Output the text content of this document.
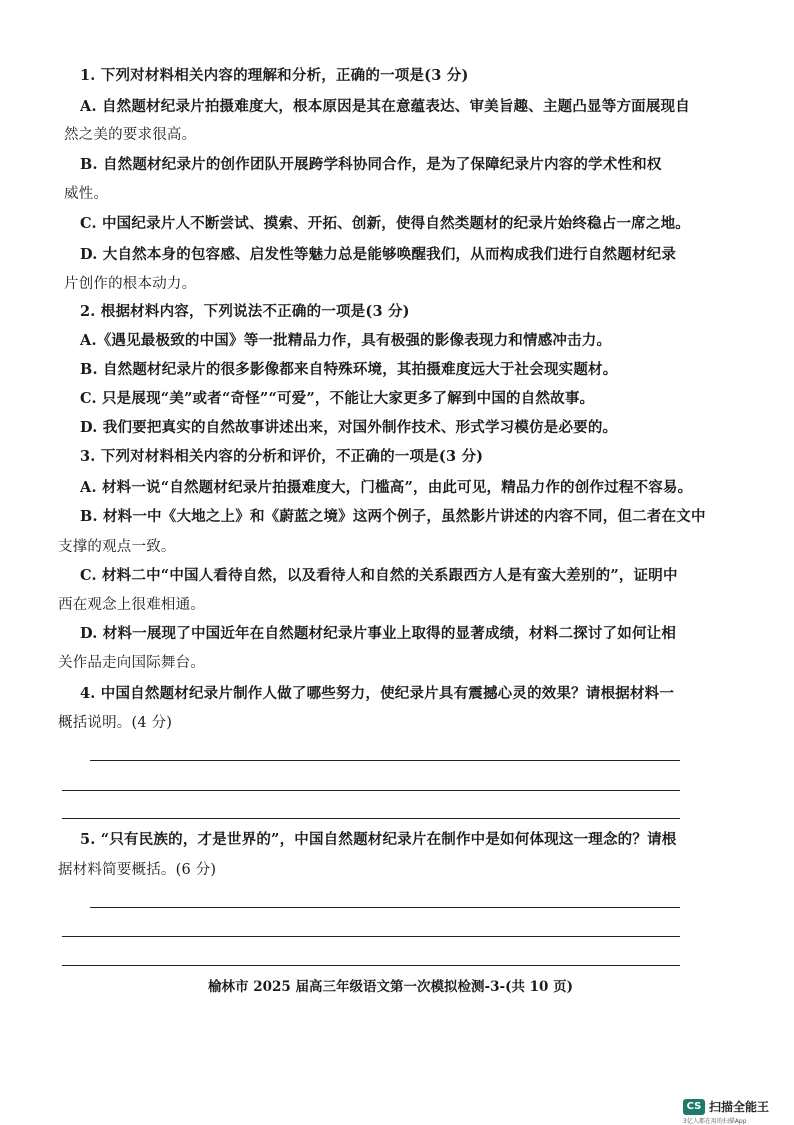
1. 下列对材料相关内容的理解和分析，正确的一项是(3 分)

A. 自然题材纪录片拍摄难度大，根本原因是其在意蕴表达、审美旨趣、主题凸显等方面展现自

然之美的要求很高。

B. 自然题材纪录片的创作团队开展跨学科协同合作，是为了保障纪录片内容的学术性和权

威性。

C. 中国纪录片人不断尝试、摸索、开拓、创新，使得自然类题材的纪录片始终稳占一席之地。

D. 大自然本身的包容感、启发性等魅力总是能够唤醒我们，从而构成我们进行自然题材纪录

片创作的根本动力。

2. 根据材料内容，下列说法不正确的一项是(3 分)

A.《遇见最极致的中国》等一批精品力作，具有极强的影像表现力和情感冲击力。

B. 自然题材纪录片的很多影像都来自特殊环境，其拍摄难度远大于社会现实题材。

C. 只是展现“美”或者“奇怪”“可爱”，不能让大家更多了解到中国的自然故事。

D. 我们要把真实的自然故事讲述出来，对国外制作技术、形式学习模仿是必要的。

3. 下列对材料相关内容的分析和评价，不正确的一项是(3 分)

A. 材料一说“自然题材纪录片拍摄难度大，门槛高”，由此可见，精品力作的创作过程不容易。

B. 材料一中《大地之上》和《蔚蓝之境》这两个例子，虽然影片讲述的内容不同，但二者在文中

支撑的观点一致。

C. 材料二中“中国人看待自然，以及看待人和自然的关系跟西方人是有蛮大差别的”，证明中

西在观念上很难相通。

D. 材料一展现了中国近年在自然题材纪录片事业上取得的显著成绩，材料二探讨了如何让相

关作品走向国际舞台。

4. 中国自然题材纪录片制作人做了哪些努力，使纪录片具有震撼心灵的效果？请根据材料一

概括说明。(4 分)

5. “只有民族的，才是世界的”，中国自然题材纪录片在制作中是如何体现这一理念的？请根

据材料简要概括。(6 分)

榆林市 2025 届高三年级语文第一次模拟检测-3-(共 10 页)
CS 扫描全能王
3亿人都在用的扫描App
